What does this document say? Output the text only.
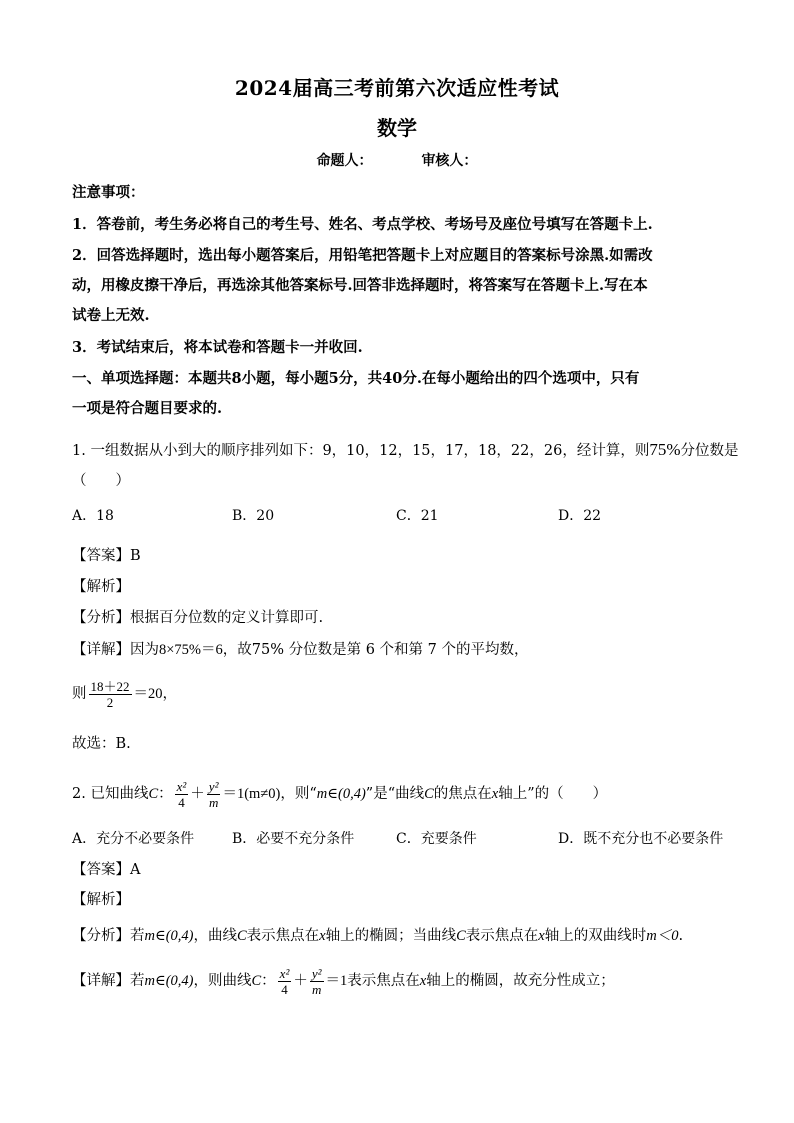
2024届高三考前第六次适应性考试
数学
命题人：	审核人：
注意事项：
1．答卷前，考生务必将自己的考生号、姓名、考点学校、考场号及座位号填写在答题卡上.
2．回答选择题时，选出每小题答案后，用铅笔把答题卡上对应题目的答案标号涂黑.如需改
动，用橡皮擦干净后，再选涂其他答案标号.回答非选择题时，将答案写在答题卡上.写在本
试卷上无效.
3．考试结束后，将本试卷和答题卡一并收回.
一、单项选择题：本题共8小题，每小题5分，共40分.在每小题给出的四个选项中，只有
一项是符合题目要求的.
1. 一组数据从小到大的顺序排列如下：9，10，12，15，17，18，22，26，经计算，则75%分位数是
（　　）
A．18	B．20	C．21	D．22
【答案】B
【解析】
【分析】根据百分位数的定义计算即可.
【详解】因为8×75%＝6，故75% 分位数是第 6 个和第 7 个的平均数，
则 $\frac{18+22}{2} =20$，
故选：B.
2. 已知曲线C： $\frac{\text{x²}}{4} + \frac{\text{y²}}{m} =1(m\ne 0)$，则“m∈(0,4)”是“曲线C的焦点在x轴上”的（　　）
A．充分不必要条件	B．必要不充分条件	C．充要条件	D．既不充分也不必要条件
【答案】A
【解析】
【分析】若m∈(0,4)，曲线C表示焦点在x轴上的椭圆；当曲线C表示焦点在x轴上的双曲线时m＜0.
【详解】若m∈(0,4)，则曲线C： $\frac{\text{x²}}{4} + \frac{\text{y²}}{m} =1$表示焦点在x轴上的椭圆，故充分性成立；
